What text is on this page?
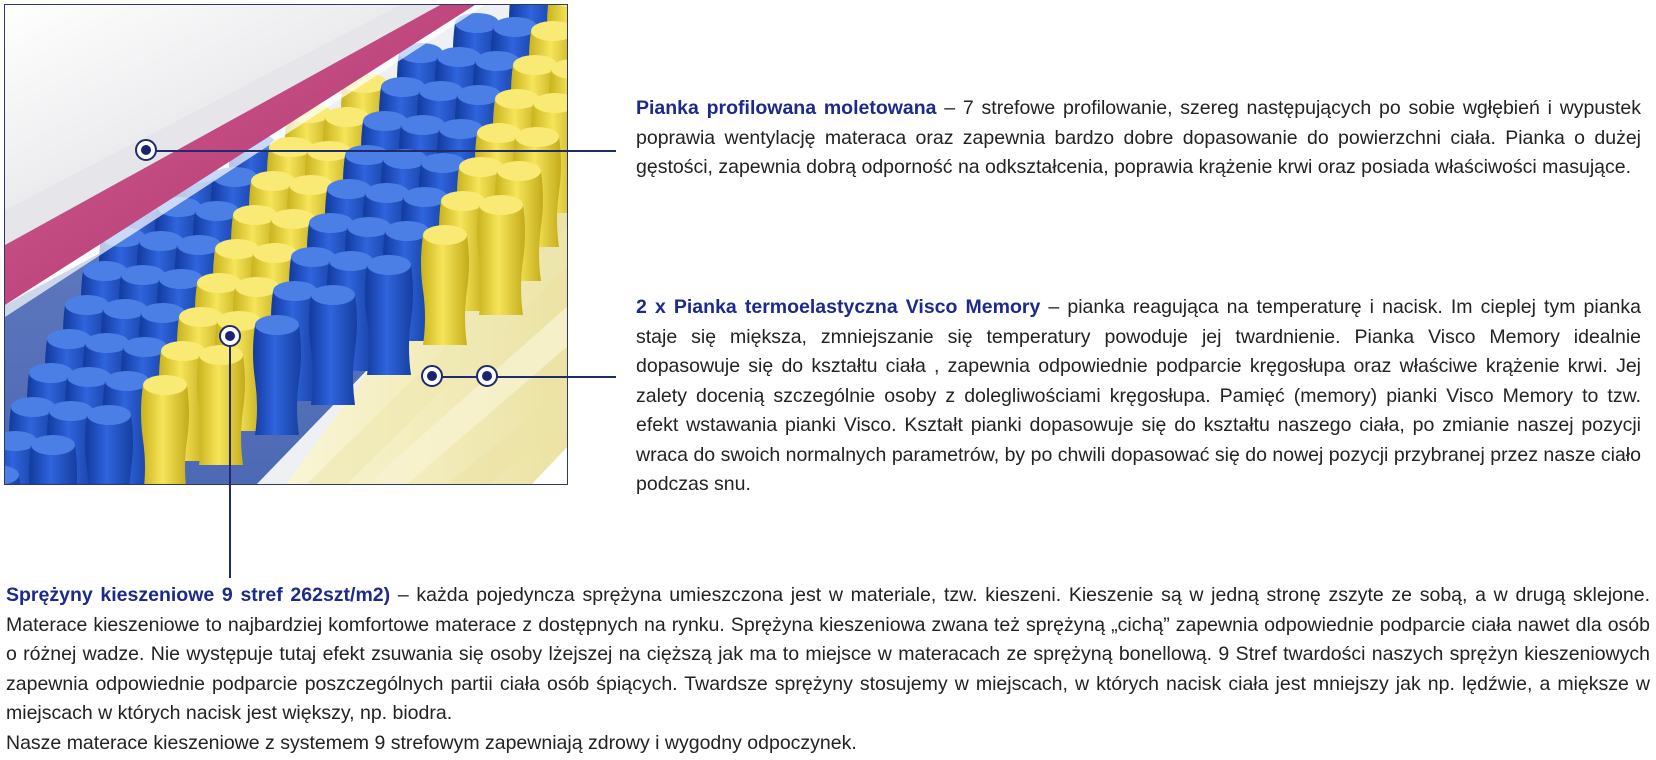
Pianka profilowana moletowana – 7 strefowe profilowanie, szereg następujących po sobie wgłębień i wypustek poprawia wentylację materaca oraz zapewnia bardzo dobre dopasowanie do powierzchni ciała. Pianka o dużej gęstości, zapewnia dobrą odporność na odkształcenia, poprawia krążenie krwi oraz posiada właściwości masujące.

2 x Pianka termoelastyczna Visco Memory – pianka reagująca na temperaturę i nacisk. Im cieplej tym pianka staje się miększa, zmniejszanie się temperatury powoduje jej twardnienie. Pianka Visco Memory idealnie dopasowuje się do kształtu ciała , zapewnia odpowiednie podparcie kręgosłupa oraz właściwe krążenie krwi. Jej zalety docenią szczególnie osoby z dolegliwościami kręgosłupa. Pamięć (memory) pianki Visco Memory to tzw. efekt wstawania pianki Visco. Kształt pianki dopasowuje się do kształtu naszego ciała, po zmianie naszej pozycji wraca do swoich normalnych parametrów, by po chwili dopasować się do nowej pozycji przybranej przez nasze ciało podczas snu.

Sprężyny kieszeniowe 9 stref 262szt/m2) – każda pojedyncza sprężyna umieszczona jest w materiale, tzw. kieszeni. Kieszenie są w jedną stronę zszyte ze sobą, a w drugą sklejone. Materace kieszeniowe to najbardziej komfortowe materace z dostępnych na rynku. Sprężyna kieszeniowa zwana też sprężyną „cichą” zapewnia odpowiednie podparcie ciała nawet dla osób o różnej wadze. Nie występuje tutaj efekt zsuwania się osoby lżejszej na cięższą jak ma to miejsce w materacach ze sprężyną bonellową. 9 Stref twardości naszych sprężyn kieszeniowych zapewnia odpowiednie podparcie poszczególnych partii ciała osób śpiących. Twardsze sprężyny stosujemy w miejscach, w których nacisk ciała jest mniejszy jak np. lędźwie, a miększe w miejscach w których nacisk jest większy, np. biodra.

Nasze materace kieszeniowe z systemem 9 strefowym zapewniają zdrowy i wygodny odpoczynek.
